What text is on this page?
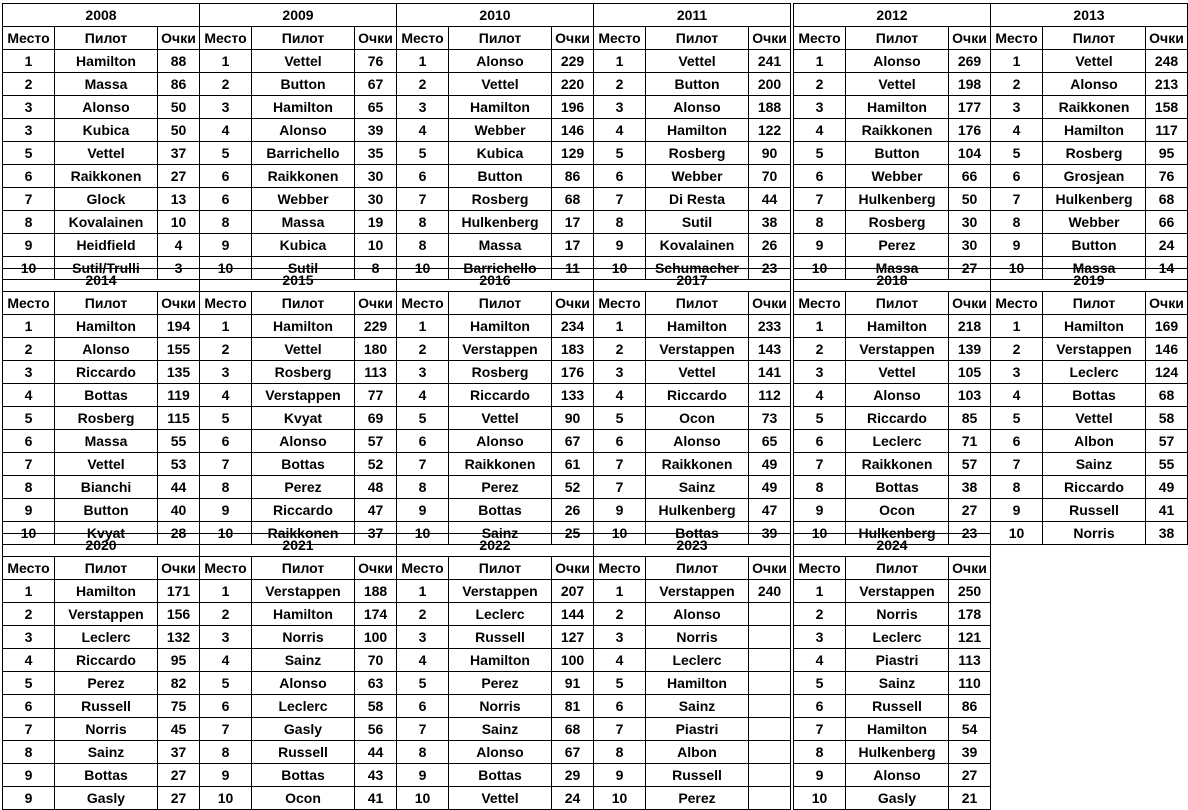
2008		
Место	Пилот	Очки
1	Hamilton	88
2	Massa	86
3	Alonso	50
3	Kubica	50
5	Vettel	37
6	Raikkonen	27
7	Glock	13
8	Kovalainen	10
9	Heidfield	4
10	Sutil/Trulli	3
2009		
Место	Пилот	Очки
1	Vettel	76
2	Button	67
3	Hamilton	65
4	Alonso	39
5	Barrichello	35
6	Raikkonen	30
6	Webber	30
8	Massa	19
9	Kubica	10
10	Sutil	8
2010		
Место	Пилот	Очки
1	Alonso	229
2	Vettel	220
3	Hamilton	196
4	Webber	146
5	Kubica	129
6	Button	86
7	Rosberg	68
8	Hulkenberg	17
8	Massa	17
10	Barrichello	11
2011		
Место	Пилот	Очки
1	Vettel	241
2	Button	200
3	Alonso	188
4	Hamilton	122
5	Rosberg	90
6	Webber	70
7	Di Resta	44
8	Sutil	38
9	Kovalainen	26
10	Schumacher	23
2012		
Место	Пилот	Очки
1	Alonso	269
2	Vettel	198
3	Hamilton	177
4	Raikkonen	176
5	Button	104
6	Webber	66
7	Hulkenberg	50
8	Rosberg	30
9	Perez	30
10	Massa	27
2013		
Место	Пилот	Очки
1	Vettel	248
2	Alonso	213
3	Raikkonen	158
4	Hamilton	117
5	Rosberg	95
6	Grosjean	76
7	Hulkenberg	68
8	Webber	66
9	Button	24
10	Massa	14
2014		
Место	Пилот	Очки
1	Hamilton	194
2	Alonso	155
3	Riccardo	135
4	Bottas	119
5	Rosberg	115
6	Massa	55
7	Vettel	53
8	Bianchi	44
9	Button	40
10	Kvyat	28
2015		
Место	Пилот	Очки
1	Hamilton	229
2	Vettel	180
3	Rosberg	113
4	Verstappen	77
5	Kvyat	69
6	Alonso	57
7	Bottas	52
8	Perez	48
9	Riccardo	47
10	Raikkonen	37
2016		
Место	Пилот	Очки
1	Hamilton	234
2	Verstappen	183
3	Rosberg	176
4	Riccardo	133
5	Vettel	90
6	Alonso	67
7	Raikkonen	61
8	Perez	52
9	Bottas	26
10	Sainz	25
2017		
Место	Пилот	Очки
1	Hamilton	233
2	Verstappen	143
3	Vettel	141
4	Riccardo	112
5	Ocon	73
6	Alonso	65
7	Raikkonen	49
7	Sainz	49
9	Hulkenberg	47
10	Bottas	39
2018		
Место	Пилот	Очки
1	Hamilton	218
2	Verstappen	139
3	Vettel	105
4	Alonso	103
5	Riccardo	85
6	Leclerc	71
7	Raikkonen	57
8	Bottas	38
9	Ocon	27
10	Hulkenberg	23
2019		
Место	Пилот	Очки
1	Hamilton	169
2	Verstappen	146
3	Leclerc	124
4	Bottas	68
5	Vettel	58
6	Albon	57
7	Sainz	55
8	Riccardo	49
9	Russell	41
10	Norris	38
2020		
Место	Пилот	Очки
1	Hamilton	171
2	Verstappen	156
3	Leclerc	132
4	Riccardo	95
5	Perez	82
6	Russell	75
7	Norris	45
8	Sainz	37
9	Bottas	27
9	Gasly	27
2021		
Место	Пилот	Очки
1	Verstappen	188
2	Hamilton	174
3	Norris	100
4	Sainz	70
5	Alonso	63
6	Leclerc	58
7	Gasly	56
8	Russell	44
9	Bottas	43
10	Ocon	41
2022		
Место	Пилот	Очки
1	Verstappen	207
2	Leclerc	144
3	Russell	127
4	Hamilton	100
5	Perez	91
6	Norris	81
7	Sainz	68
8	Alonso	67
9	Bottas	29
10	Vettel	24
2023		
Место	Пилот	Очки
1	Verstappen	240
2	Alonso	
3	Norris	
4	Leclerc	
5	Hamilton	
6	Sainz	
7	Piastri	
8	Albon	
9	Russell	
10	Perez	
2024		
Место	Пилот	Очки
1	Verstappen	250
2	Norris	178
3	Leclerc	121
4	Piastri	113
5	Sainz	110
6	Russell	86
7	Hamilton	54
8	Hulkenberg	39
9	Alonso	27
10	Gasly	21
